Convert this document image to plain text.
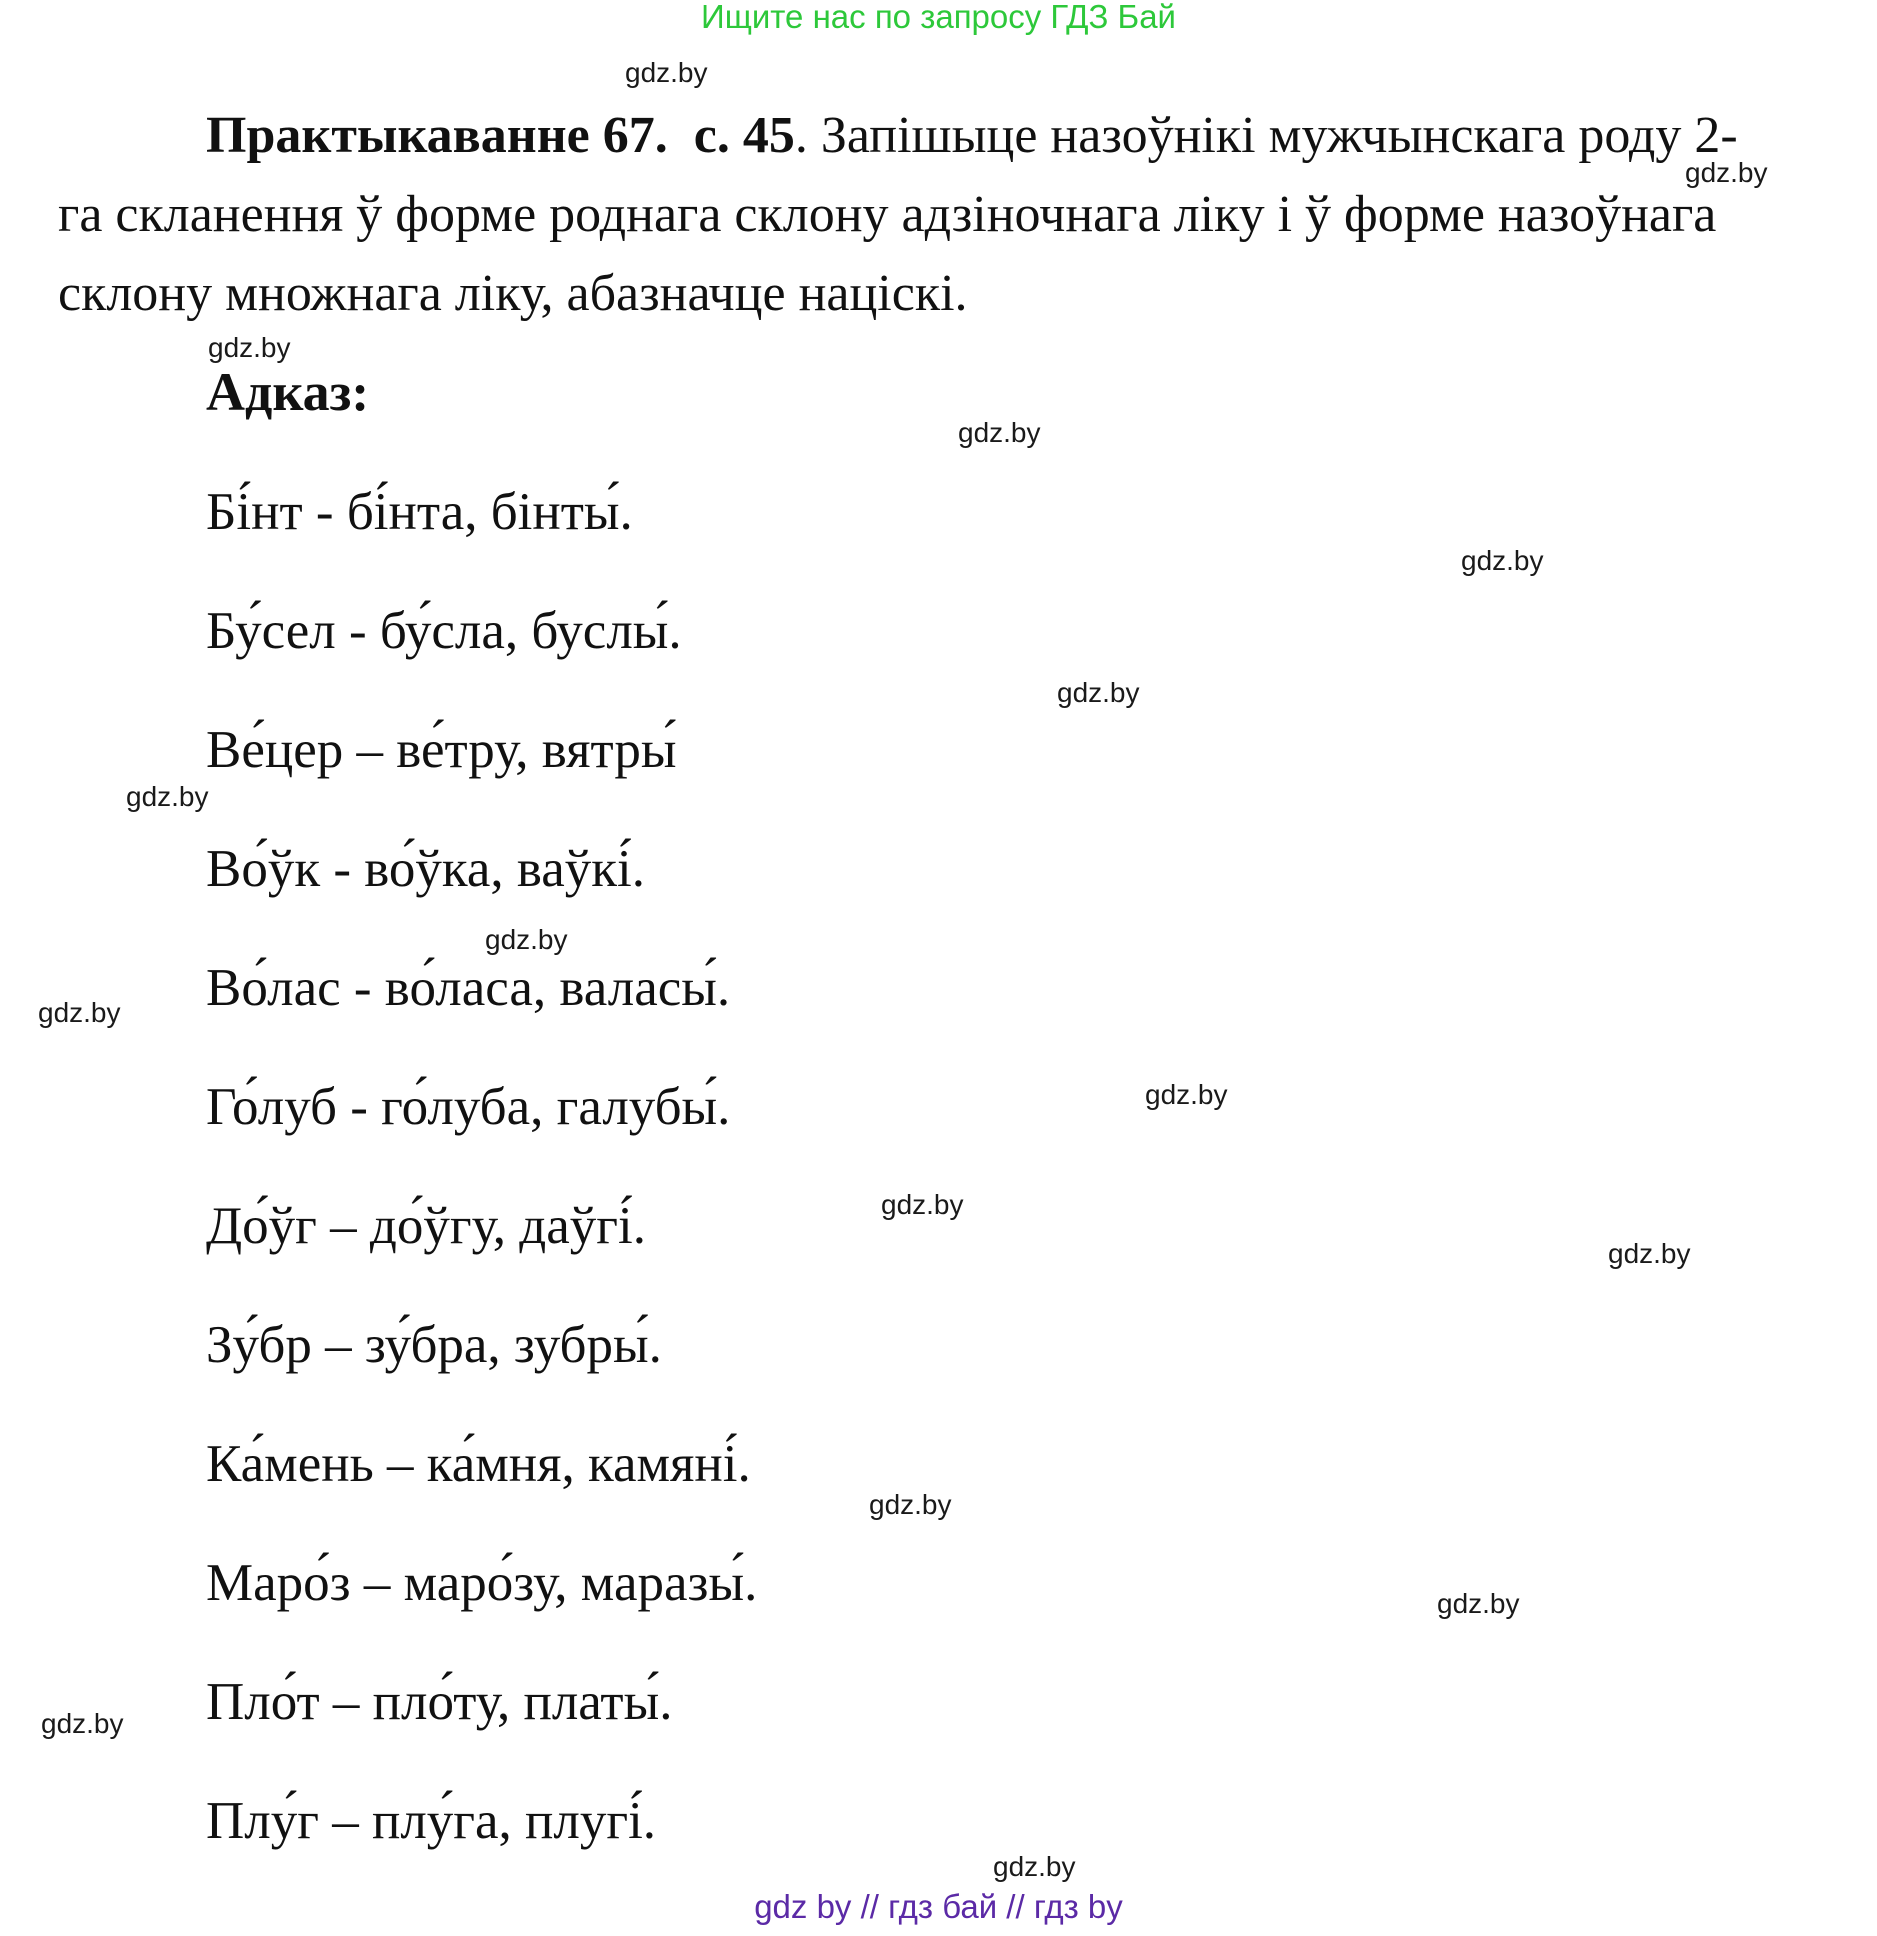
Ищите нас по запросу ГДЗ Бай

Практыкаванне 67. с. 45. Запішыце назоўнікі мужчынскага роду 2-га скланення ў форме роднага склону адзіночнага ліку і ў форме назоўнага склону множнага ліку, абазначце націскі.

Адказ:
Бі́нт - бі́нта, бінты́.
Бу́сел - бу́сла, буслы́.
Ве́цер – ве́тру, вятры́
Во́ўк - во́ўка, ваўкі́.
Во́лас - во́ласа, валасы́.
Го́луб - го́луба, галубы́.
До́ўг – до́ўгу, даўгі́.
Зу́бр – зу́бра, зубры́.
Ка́мень – ка́мня, камяні́.
Маро́з – маро́зу, маразы́.
Пло́т – пло́ту, платы́.
Плу́г – плу́га, плугі́.
gdz.by
gdz.by
gdz.by
gdz.by
gdz.by
gdz.by
gdz.by
gdz.by
gdz.by
gdz.by
gdz.by
gdz.by
gdz.by
gdz.by
gdz.by
gdz.by
gdz by // гдз бай // гдз by
